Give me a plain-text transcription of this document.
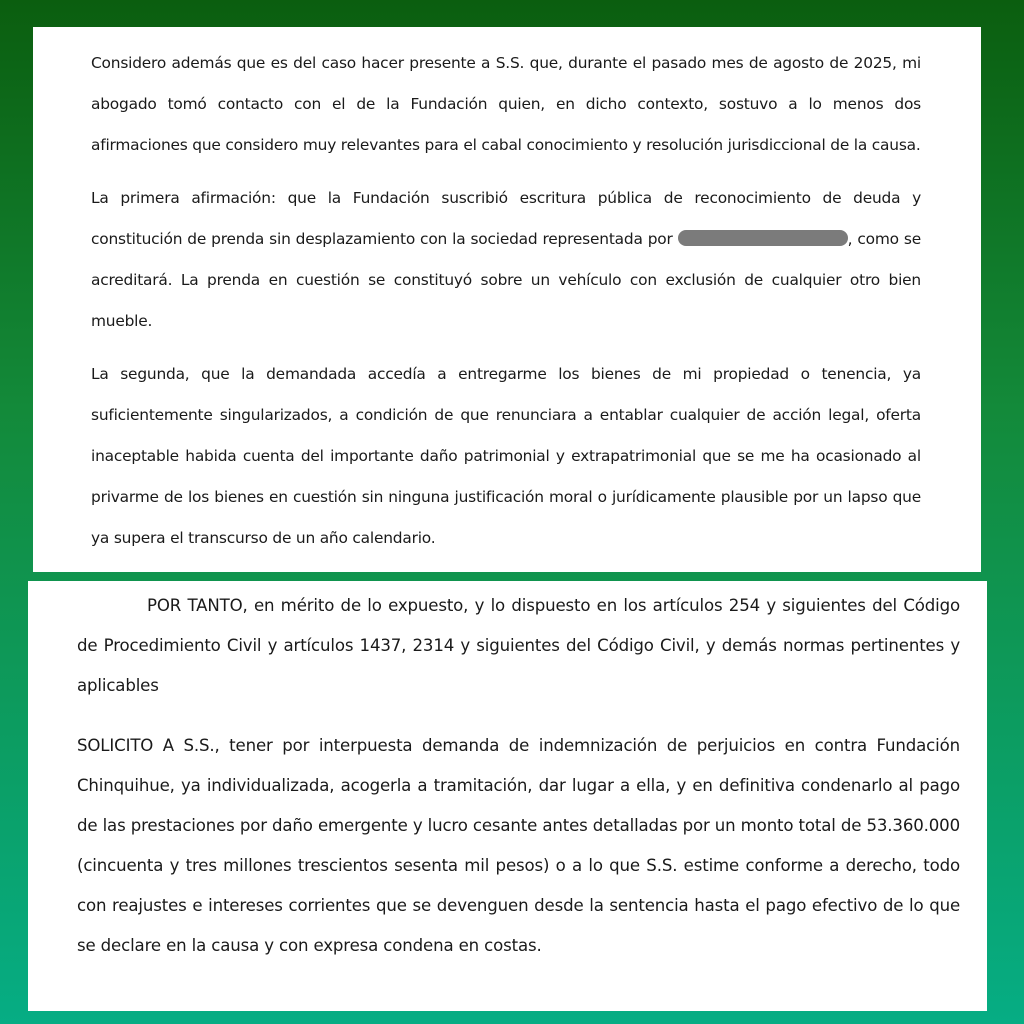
Considero además que es del caso hacer presente a S.S. que, durante el pasado mes de agosto de 2025, mi abogado tomó contacto con el de la Fundación quien, en dicho contexto, sostuvo a lo menos dos afirmaciones que considero muy relevantes para el cabal conocimiento y resolución jurisdiccional de la causa.

La primera afirmación: que la Fundación suscribió escritura pública de reconocimiento de deuda y constitución de prenda sin desplazamiento con la sociedad representada por	, como se acreditará. La prenda en cuestión se constituyó sobre un vehículo con exclusión de cualquier otro bien mueble.

La segunda, que la demandada accedía a entregarme los bienes de mi propiedad o tenencia, ya suficientemente singularizados, a condición de que renunciara a entablar cualquier de acción legal, oferta inaceptable habida cuenta del importante daño patrimonial y extrapatrimonial que se me ha ocasionado al privarme de los bienes en cuestión sin ninguna justificación moral o jurídicamente plausible por un lapso que ya supera el transcurso de un año calendario.

POR TANTO, en mérito de lo expuesto, y lo dispuesto en los artículos 254 y siguientes del Código de Procedimiento Civil y artículos 1437, 2314 y siguientes del Código Civil, y demás normas pertinentes y aplicables

SOLICITO A S.S., tener por interpuesta demanda de indemnización de perjuicios en contra Fundación Chinquihue, ya individualizada, acogerla a tramitación, dar lugar a ella, y en definitiva condenarlo al pago de las prestaciones por daño emergente y lucro cesante antes detalladas por un monto total de 53.360.000 (cincuenta y tres millones trescientos sesenta mil pesos) o a lo que S.S. estime conforme a derecho, todo con reajustes e intereses corrientes que se devenguen desde la sentencia hasta el pago efectivo de lo que se declare en la causa y con expresa condena en costas.
